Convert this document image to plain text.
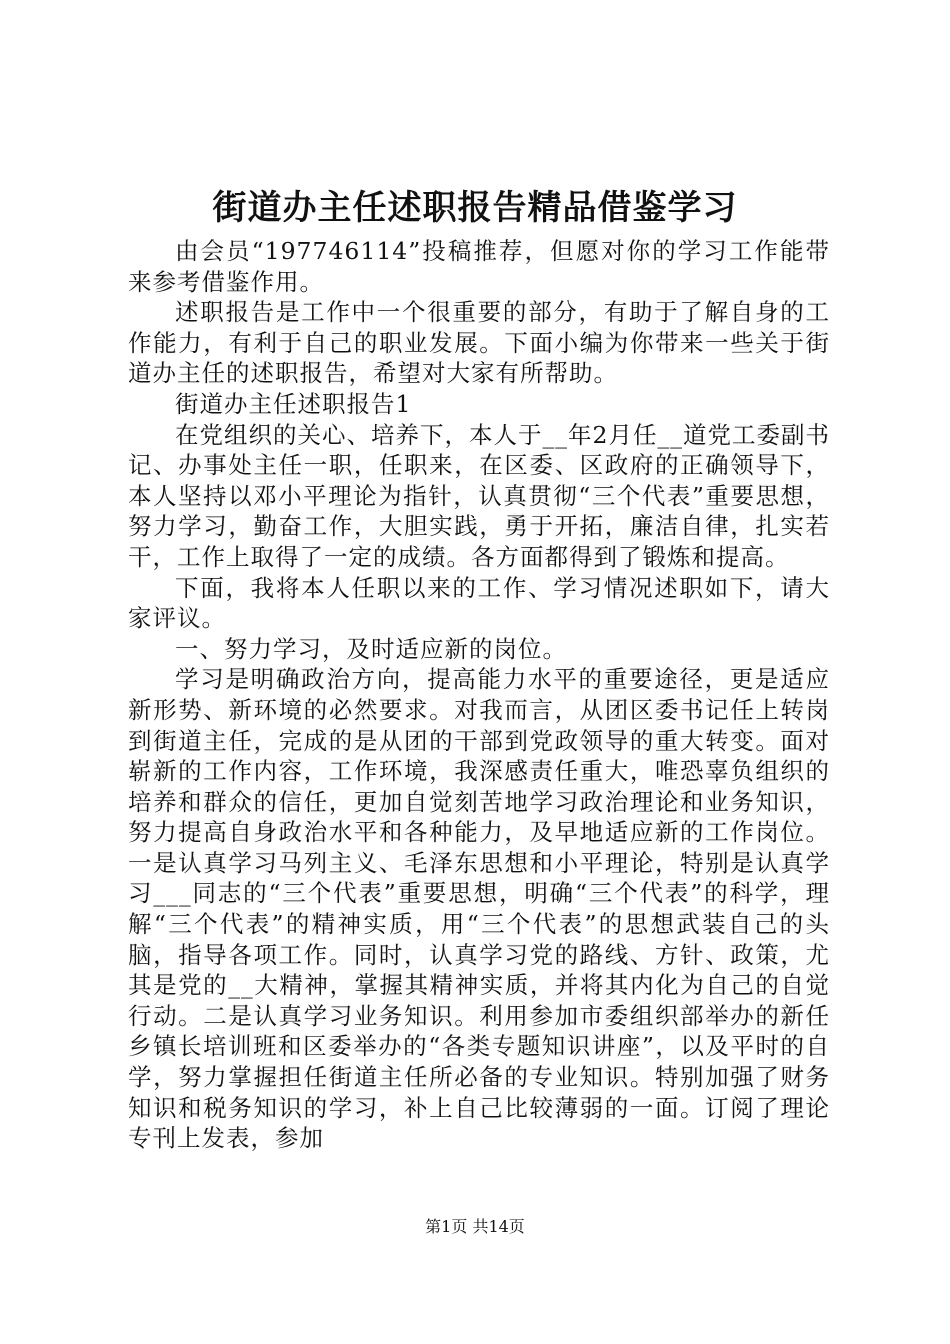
街道办主任述职报告精品借鉴学习

由会员“197746114”投稿推荐，但愿对你的学习工作能带来参考借鉴作用。

述职报告是工作中一个很重要的部分，有助于了解自身的工作能力，有利于自己的职业发展。下面小编为你带来一些关于街道办主任的述职报告，希望对大家有所帮助。

街道办主任述职报告1

在党组织的关心、培养下，本人于__年2月任__道党工委副书记、办事处主任一职，任职来，在区委、区政府的正确领导下，本人坚持以邓小平理论为指针，认真贯彻“三个代表”重要思想，努力学习，勤奋工作，大胆实践，勇于开拓，廉洁自律，扎实若干，工作上取得了一定的成绩。各方面都得到了锻炼和提高。

下面，我将本人任职以来的工作、学习情况述职如下，请大家评议。

一、努力学习，及时适应新的岗位。

学习是明确政治方向，提高能力水平的重要途径，更是适应新形势、新环境的必然要求。对我而言，从团区委书记任上转岗到街道主任，完成的是从团的干部到党政领导的重大转变。面对崭新的工作内容，工作环境，我深感责任重大，唯恐辜负组织的培养和群众的信任，更加自觉刻苦地学习政治理论和业务知识，努力提高自身政治水平和各种能力，及早地适应新的工作岗位。一是认真学习马列主义、毛泽东思想和小平理论，特别是认真学习___同志的“三个代表”重要思想，明确“三个代表”的科学，理解“三个代表”的精神实质，用“三个代表”的思想武装自己的头脑，指导各项工作。同时，认真学习党的路线、方针、政策，尤其是党的__大精神，掌握其精神实质，并将其内化为自己的自觉行动。二是认真学习业务知识。利用参加市委组织部举办的新任乡镇长培训班和区委举办的“各类专题知识讲座”，以及平时的自学，努力掌握担任街道主任所必备的专业知识。特别加强了财务知识和税务知识的学习，补上自己比较薄弱的一面。订阅了理论专刊上发表，参加

第1页 共14页
